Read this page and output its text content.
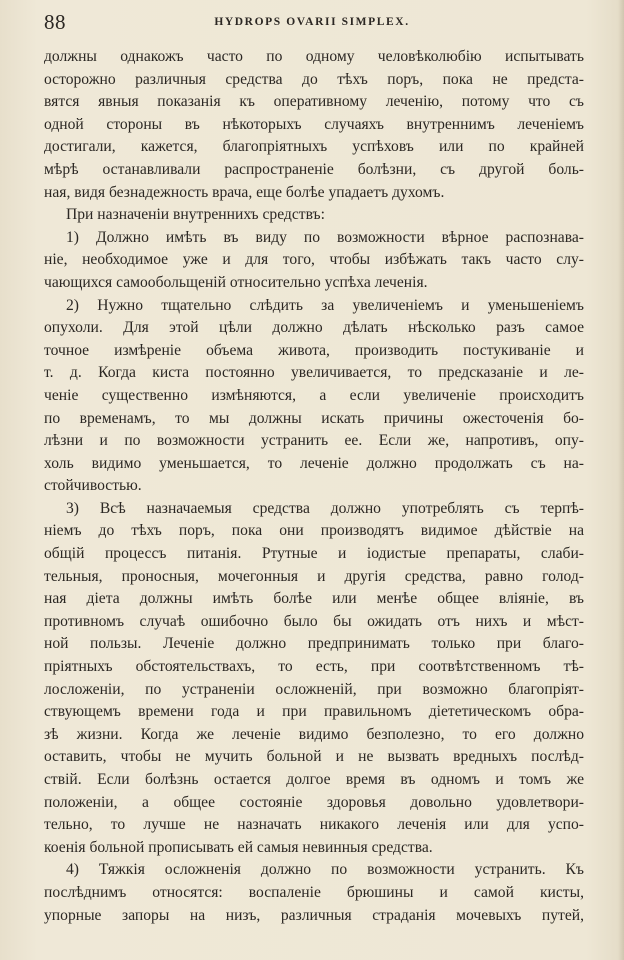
88	HYDROPS OVARII SIMPLEX.
должны однакожъ часто по одному человѣколюбію испытывать
осторожно различныя средства до тѣхъ поръ, пока не предста-
вятся явныя показанія къ оперативному леченію, потому что съ
одной стороны въ нѣкоторыхъ случаяхъ внутреннимъ леченіемъ
достигали, кажется, благопріятныхъ успѣховъ или по крайней
мѣрѣ останавливали распространеніе болѣзни, съ другой боль-
ная, видя безнадежность врача, еще болѣе упадаетъ духомъ.
При назначеніи внутреннихъ средствъ:
1) Должно имѣть въ виду по возможности вѣрное распознава-
ніе, необходимое уже и для того, чтобы избѣжать такъ часто слу-
чающихся самообольщеній относительно успѣха леченія.
2) Нужно тщательно слѣдить за увеличеніемъ и уменьшеніемъ
опухоли. Для этой цѣли должно дѣлать нѣсколько разъ самое
точное измѣреніе объема живота, производить постукиваніе и
т. д. Когда киста постоянно увеличивается, то предсказаніе и ле-
ченіе существенно измѣняются, а если увеличеніе происходитъ
по временамъ, то мы должны искать причины ожесточенія бо-
лѣзни и по возможности устранить ее. Если же, напротивъ, опу-
холь видимо уменьшается, то леченіе должно продолжать съ на-
стойчивостью.
3) Всѣ назначаемыя средства должно употреблять съ терпѣ-
ніемъ до тѣхъ поръ, пока они производятъ видимое дѣйствіе на
общій процессъ питанія. Ртутные и іодистые препараты, слаби-
тельныя, проносныя, мочегонныя и другія средства, равно голод-
ная діета должны имѣть болѣе или менѣе общее вліяніе, въ
противномъ случаѣ ошибочно было бы ожидать отъ нихъ и мѣст-
ной пользы. Леченіе должно предпринимать только при благо-
пріятныхъ обстоятельствахъ, то есть, при соотвѣтственномъ тѣ-
лосложеніи, по устраненіи осложненій, при возможно благопріят-
ствующемъ времени года и при правильномъ діететическомъ обра-
зѣ жизни. Когда же леченіе видимо безполезно, то его должно
оставить, чтобы не мучить больной и не вызвать вредныхъ послѣд-
ствій. Если болѣзнь остается долгое время въ одномъ и томъ же
положеніи, а общее состояніе здоровья довольно удовлетвори-
тельно, то лучше не назначать никакого леченія или для успо-
коенія больной прописывать ей самыя невинныя средства.
4) Тяжкія осложненія должно по возможности устранить. Къ
послѣднимъ относятся: воспаленіе брюшины и самой кисты,
упорные запоры на низъ, различныя страданія мочевыхъ путей,
